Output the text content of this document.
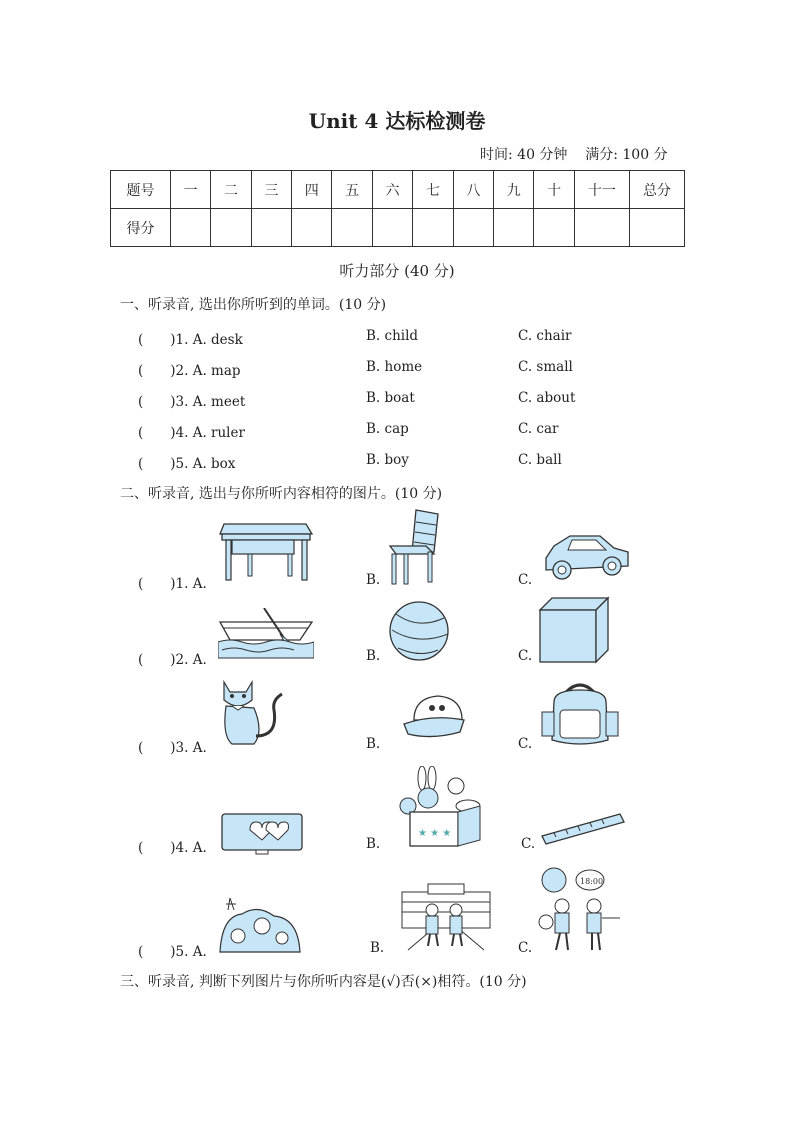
Unit 4 达标检测卷
时间: 40 分钟    满分: 100 分
题号	一	二	三	四	五	六	七	八	九	十	十一	总分
得分												
听力部分 (40 分)
一、听录音, 选出你所听到的单词。(10 分)
(　　)1. A. desk	B. child	C. chair
(　　)2. A. map	B. home	C. small
(　　)3. A. meet	B. boat	C. about
(　　)4. A. ruler	B. cap	C. car
(　　)5. A. box	B. boy	C. ball
二、听录音, 选出与你所听内容相符的图片。(10 分)
(　　)1. A.	B.	C.
(　　)2. A.	B.	C.
(　　)3. A.	B.	C.
(　　)4. A.	B.	C.
★ ★ ★
(　　)5. A.	B.	C.
18:00
三、听录音, 判断下列图片与你所听内容是(√)否(×)相符。(10 分)
